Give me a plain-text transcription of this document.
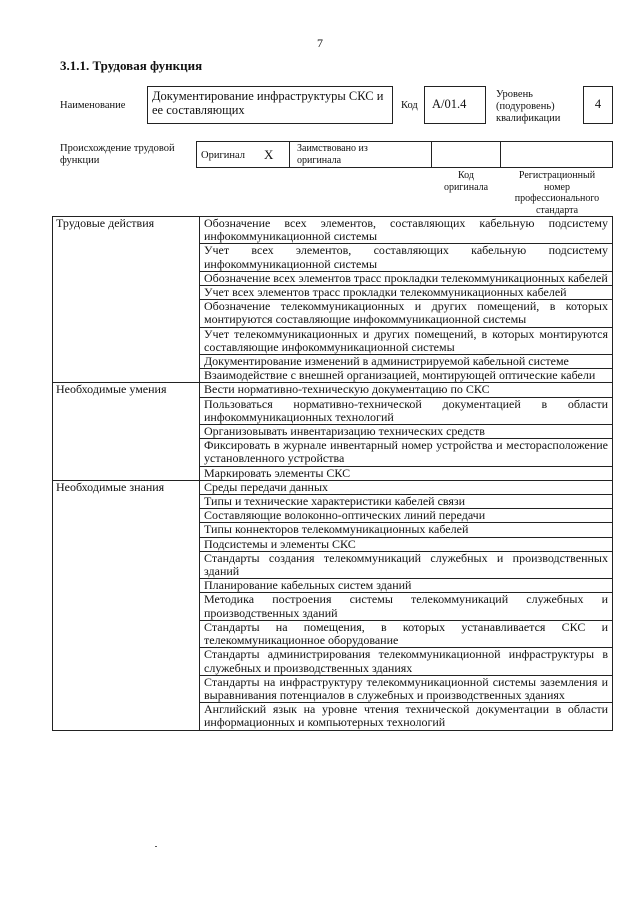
7
3.1.1. Трудовая функция
Наименование
Документирование инфраструктуры СКС и ее составляющих	Код	A/01.4
Уровень
(подуровень)
квалификации
4
Происхождение трудовой
функции	Оригинал X Заимствовано из
оригинала
Код
оригинала
Регистрационный
номер
профессионального
стандарта
Трудовые действия	Обозначение всех элементов, составляющих кабельную подсистему инфокоммуникационной системы
	Учет всех элементов, составляющих кабельную подсистему инфокоммуникационной системы
	Обозначение всех элементов трасс прокладки телекоммуникационных кабелей
	Учет всех элементов трасс прокладки телекоммуникационных кабелей
	Обозначение телекоммуникационных и других помещений, в которых монтируются составляющие инфокоммуникационной системы
	Учет телекоммуникационных и других помещений, в которых монтируются составляющие инфокоммуникационной системы
	Документирование изменений в администрируемой кабельной системе
	Взаимодействие с внешней организацией, монтирующей оптические кабели
Необходимые умения	Вести нормативно-техническую документацию по СКС
	Пользоваться нормативно-технической документацией в области инфокоммуникационных технологий
	Организовывать инвентаризацию технических средств
	Фиксировать в журнале инвентарный номер устройства и месторасположение установленного устройства
	Маркировать элементы СКС
Необходимые знания	Среды передачи данных
	Типы и технические характеристики кабелей связи
	Составляющие волоконно-оптических линий передачи
	Типы коннекторов телекоммуникационных кабелей
	Подсистемы и элементы СКС
	Стандарты создания телекоммуникаций служебных и производственных зданий
	Планирование кабельных систем зданий
	Методика построения системы телекоммуникаций служебных и производственных зданий
	Стандарты на помещения, в которых устанавливается СКС и телекоммуникационное оборудование
	Стандарты администрирования телекоммуникационной инфраструктуры в служебных и производственных зданиях
	Стандарты на инфраструктуру телекоммуникационной системы заземления и выравнивания потенциалов в служебных и производственных зданиях
	Английский язык на уровне чтения технической документации в области информационных и компьютерных технологий
